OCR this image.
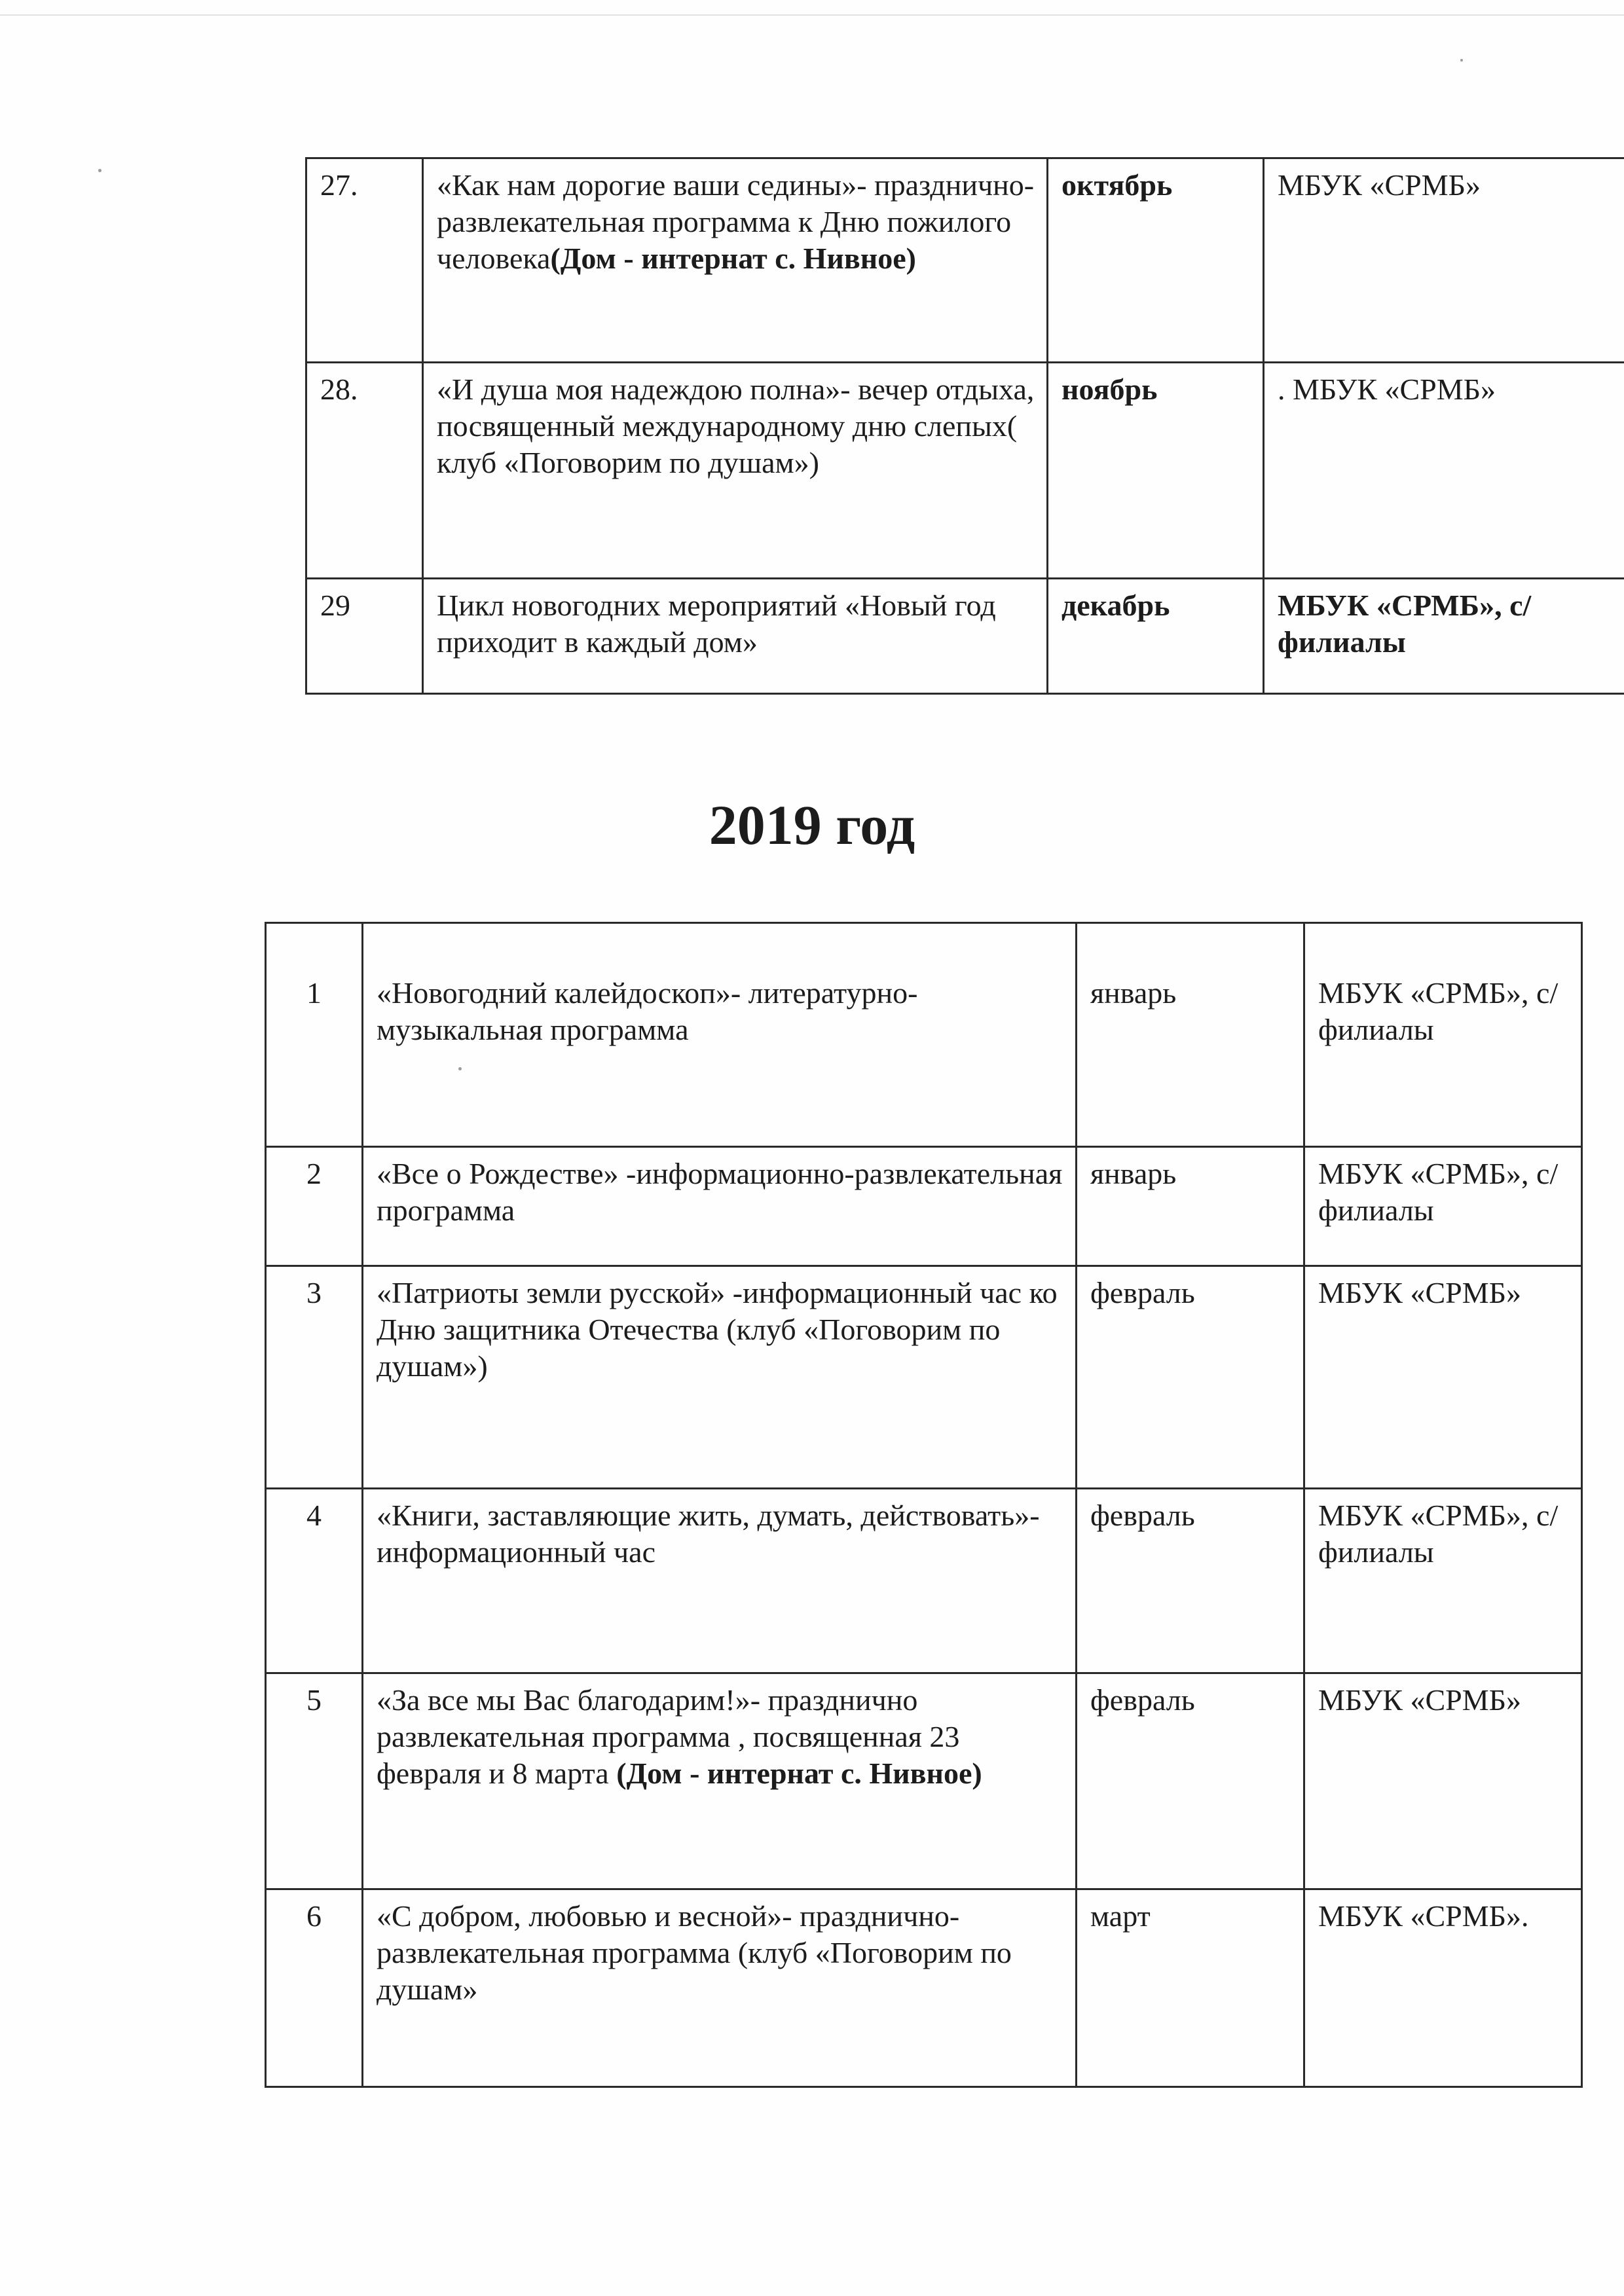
27.	«Как нам дорогие ваши седины»- празднично- развлекательная программа к Дню пожилого человека(Дом - интернат с. Нивное)	октябрь	МБУК «СРМБ»
28.	«И душа моя надеждою полна»- вечер отдыха, посвященный международному дню слепых( клуб «Поговорим по душам»)	ноябрь	. МБУК «СРМБ»
29	Цикл новогодних мероприятий «Новый год приходит в каждый дом»	декабрь	МБУК «СРМБ», с/ филиалы
2019 год
1	«Новогодний калейдоскоп»- литературно-музыкальная программа	январь	МБУК «СРМБ», с/ филиалы
2	«Все о Рождестве» -информационно-развлекательная программа	январь	МБУК «СРМБ», с/ филиалы
3	«Патриоты земли русской» -информационный час ко Дню защитника Отечества (клуб «Поговорим по душам»)	февраль	МБУК «СРМБ»
4	«Книги, заставляющие жить, думать, действовать»- информационный час	февраль	МБУК «СРМБ», с/ филиалы
5	«За все мы Вас благодарим!»- празднично развлекательная программа , посвященная 23 февраля и 8 марта (Дом - интернат с. Нивное)	февраль	МБУК «СРМБ»
6	«С добром, любовью и весной»- празднично-развлекательная программа (клуб «Поговорим по душам»	март	МБУК «СРМБ».
